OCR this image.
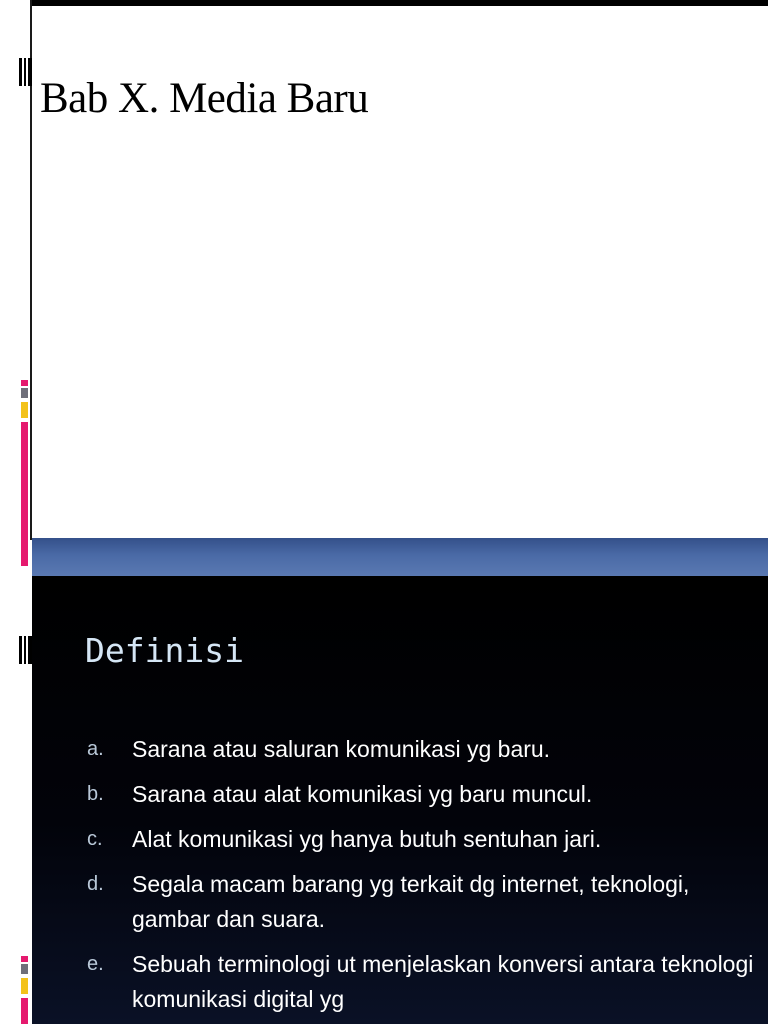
Bab X. Media Baru
Definisi
a. Sarana atau saluran komunikasi yg baru.
b. Sarana atau alat komunikasi yg baru muncul.
c. Alat komunikasi yg hanya butuh sentuhan jari.
d. Segala macam barang yg terkait dg internet, teknologi, gambar dan suara.
e. Sebuah terminologi ut menjelaskan konversi antara teknologi komunikasi digital yg
